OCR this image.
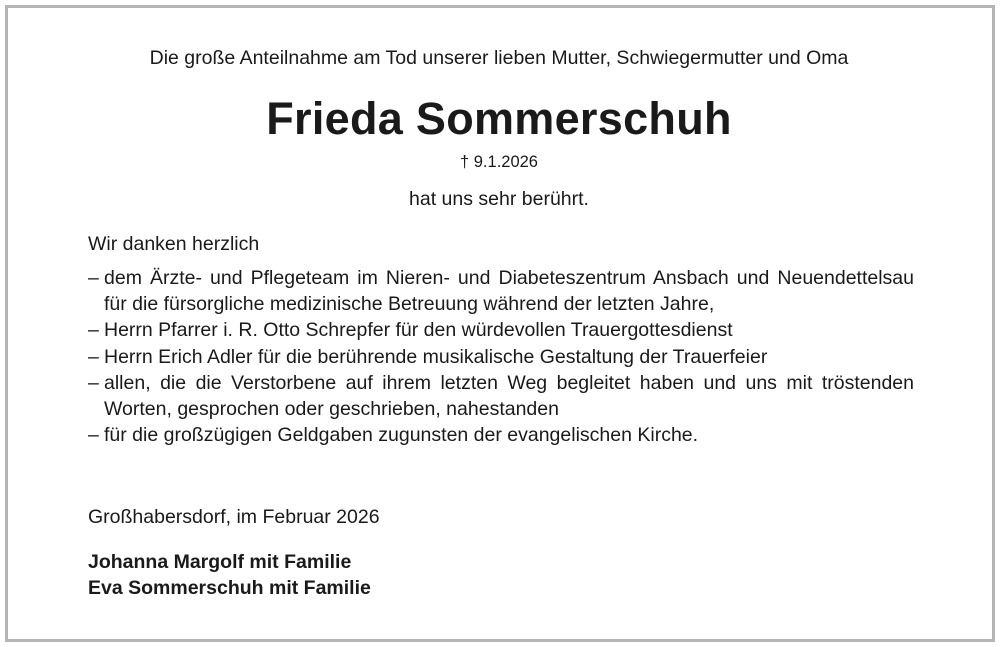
Die große Anteilnahme am Tod unserer lieben Mutter, Schwiegermutter und Oma
Frieda Sommerschuh
† 9.1.2026
hat uns sehr berührt.
Wir danken herzlich
– dem Ärzte- und Pflegeteam im Nieren- und Diabeteszentrum Ansbach und Neuendettelsau für die fürsorgliche medizinische Betreuung während der letzten Jahre,
– Herrn Pfarrer i. R. Otto Schrepfer für den würdevollen Trauergottesdienst
– Herrn Erich Adler für die berührende musikalische Gestaltung der Trauerfeier
– allen, die die Verstorbene auf ihrem letzten Weg begleitet haben und uns mit tröstenden Worten, gesprochen oder geschrieben, nahestanden
– für die großzügigen Geldgaben zugunsten der evangelischen Kirche.
Großhabersdorf, im Februar 2026
Johanna Margolf mit Familie
Eva Sommerschuh mit Familie
